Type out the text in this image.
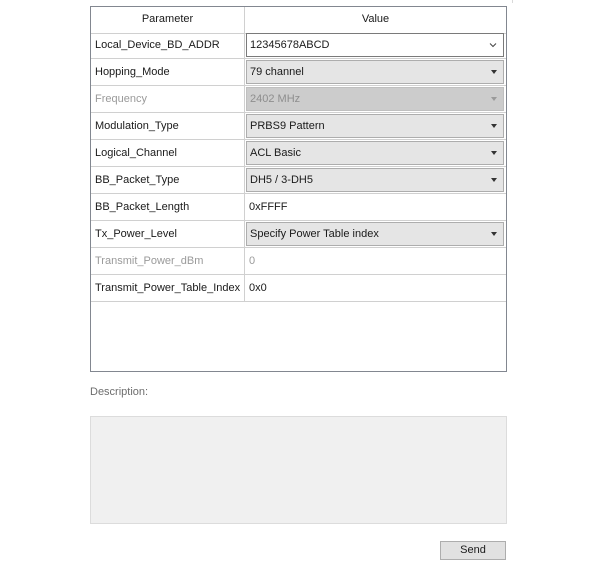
Parameter	Value
Local_Device_BD_ADDR	12345678ABCD
Hopping_Mode	79 channel
Frequency	2402 MHz
Modulation_Type	PRBS9 Pattern
Logical_Channel	ACL Basic
BB_Packet_Type	DH5 / 3-DH5
BB_Packet_Length	0xFFFF
Tx_Power_Level	Specify Power Table index
Transmit_Power_dBm	0
Transmit_Power_Table_Index 0x0
Description:
Send
